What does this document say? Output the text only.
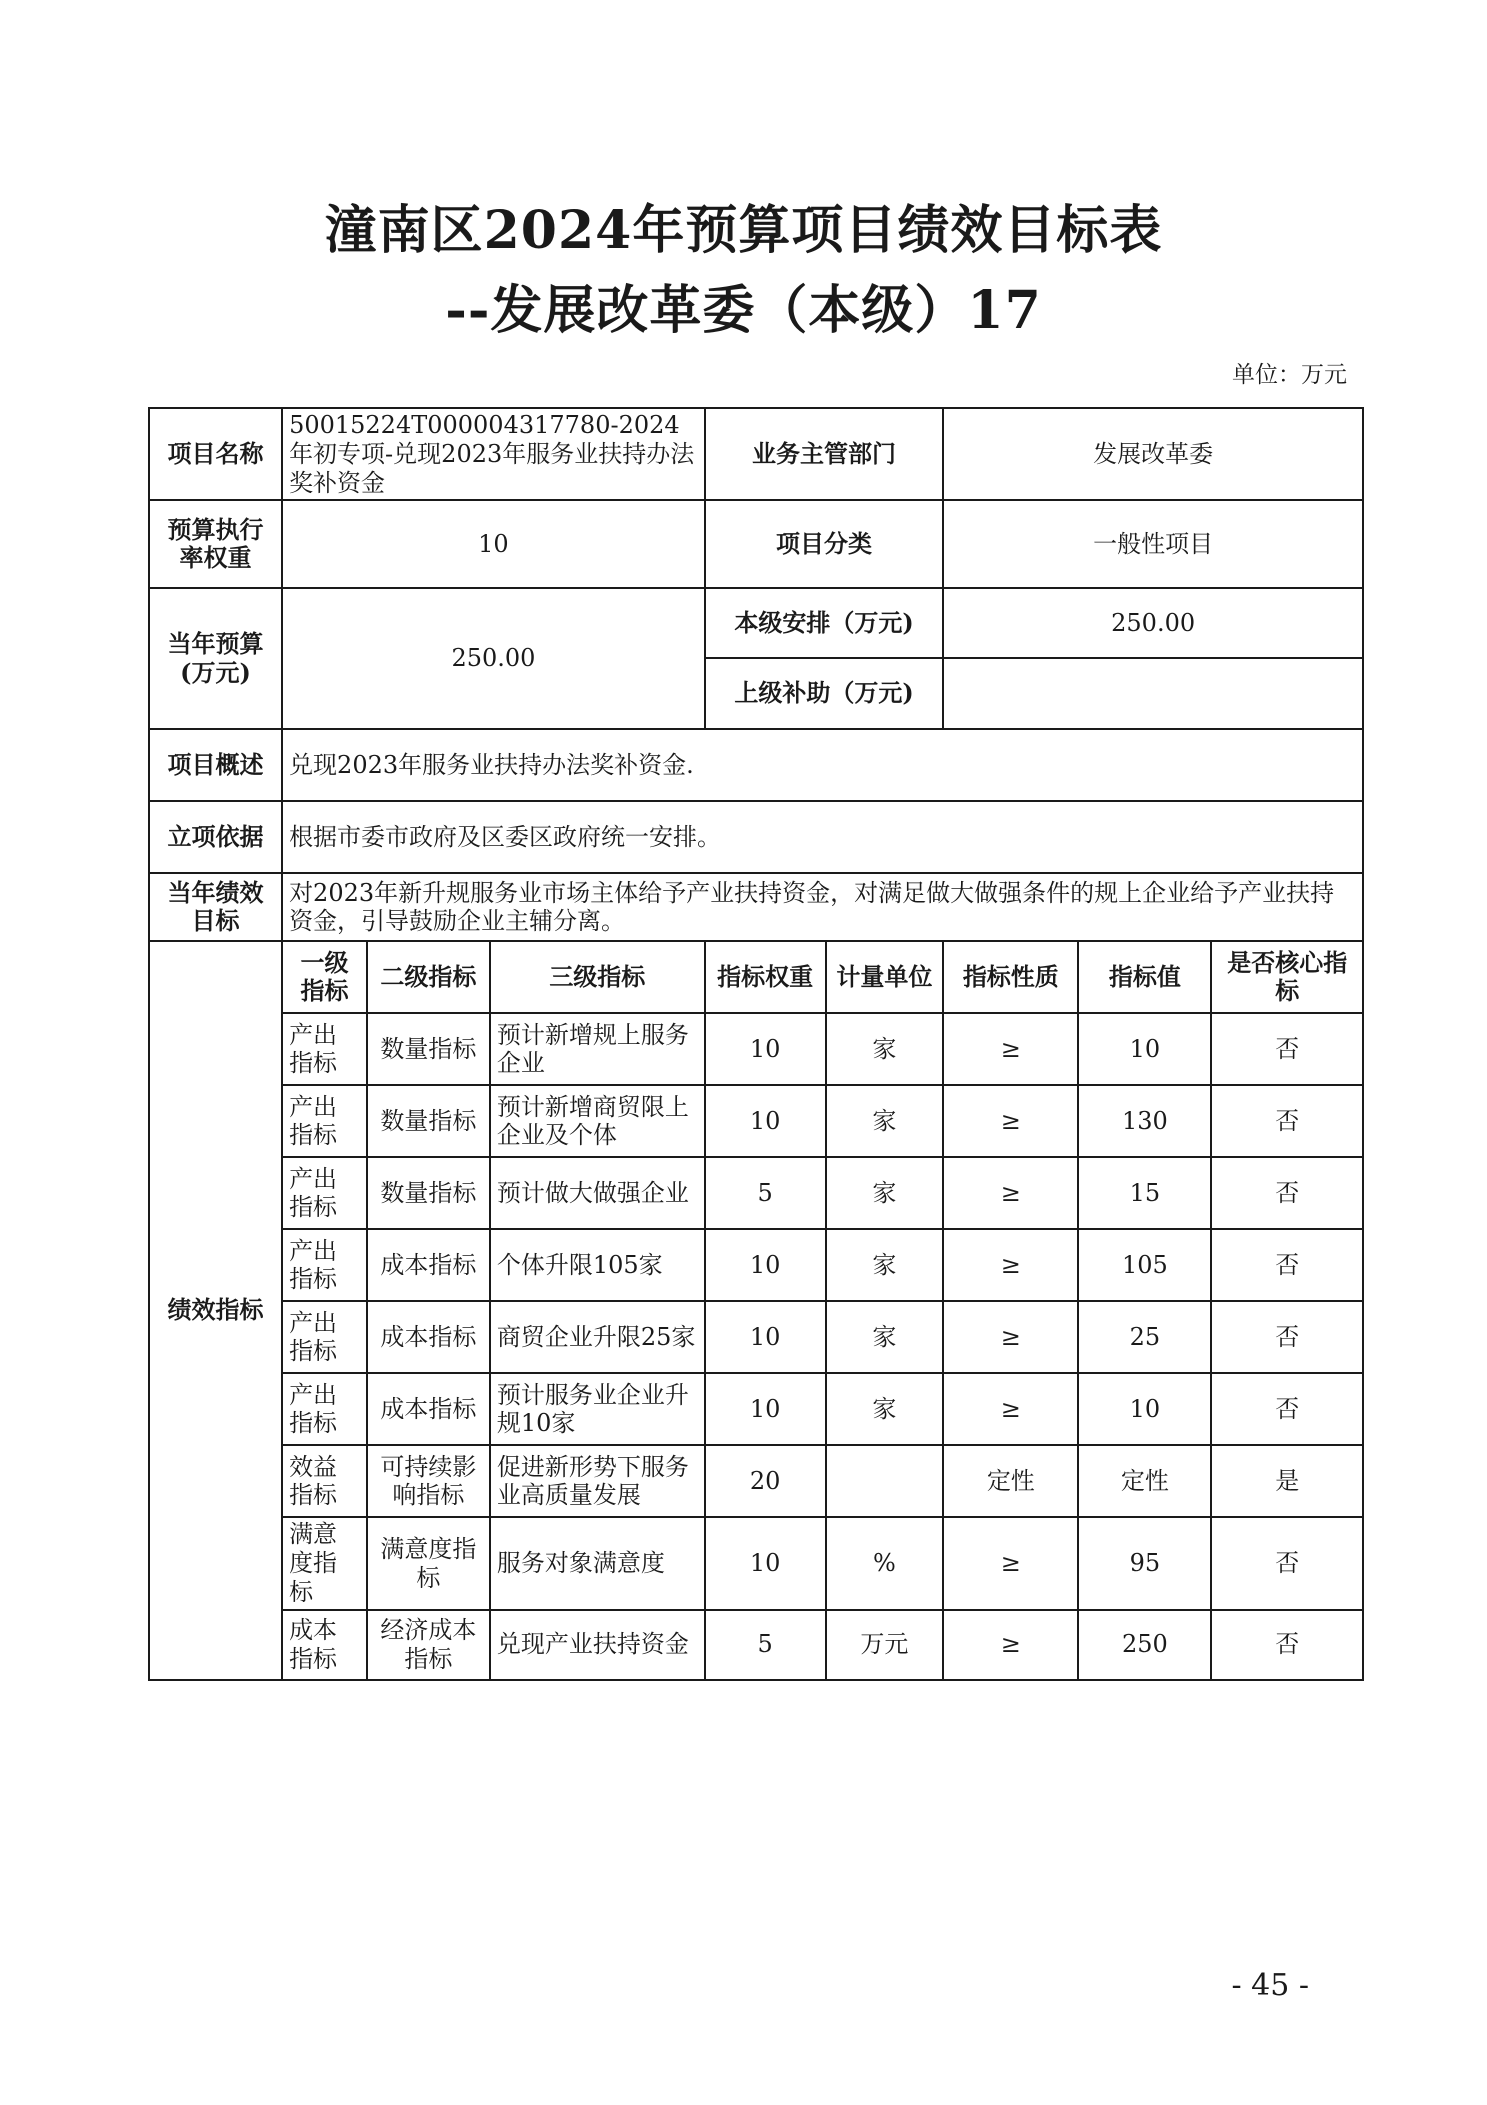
潼南区2024年预算项目绩效目标表
--发展改革委（本级）17
单位：万元
项目名称	50015224T000004317780-2024年初专项-兑现2023年服务业扶持办法奖补资金			业务主管部门		发展改革委		
预算执行率权重	10			项目分类		一般性项目		
当年预算(万元)	250.00			本级安排（万元)		250.00		
				上级补助（万元)				
项目概述	兑现2023年服务业扶持办法奖补资金.							
立项依据	根据市委市政府及区委区政府统一安排。							
当年绩效目标	对2023年新升规服务业市场主体给予产业扶持资金，对满足做大做强条件的规上企业给予产业扶持资金，引导鼓励企业主辅分离。							
绩效指标	一级指标	二级指标	三级指标	指标权重	计量单位	指标性质	指标值	是否核心指标
	产出指标	数量指标	预计新增规上服务企业	10	家	≥	10	否
	产出指标	数量指标	预计新增商贸限上企业及个体	10	家	≥	130	否
	产出指标	数量指标	预计做大做强企业	5	家	≥	15	否
	产出指标	成本指标	个体升限105家	10	家	≥	105	否
	产出指标	成本指标	商贸企业升限25家	10	家	≥	25	否
	产出指标	成本指标	预计服务业企业升规10家	10	家	≥	10	否
	效益指标	可持续影响指标	促进新形势下服务业高质量发展	20		定性	定性	是
	满意度指标	满意度指标	服务对象满意度	10	%	≥	95	否
	成本指标	经济成本指标	兑现产业扶持资金	5	万元	≥	250	否
- 45 -
